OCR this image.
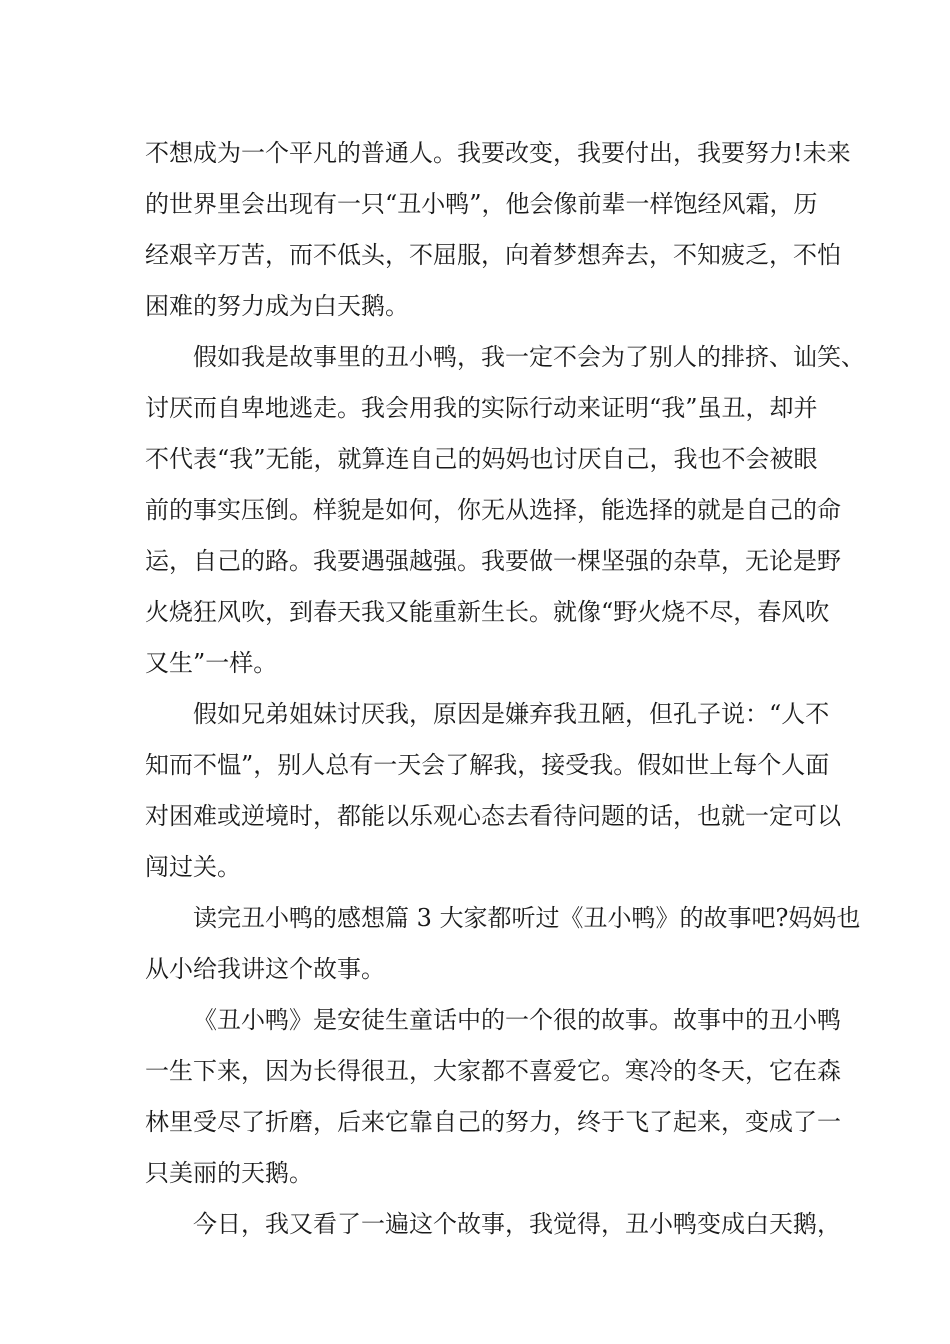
不想成为一个平凡的普通人。我要改变，我要付出，我要努力!未来
的世界里会出现有一只“丑小鸭”，他会像前辈一样饱经风霜，历
经艰辛万苦，而不低头，不屈服，向着梦想奔去，不知疲乏，不怕
困难的努力成为白天鹅。
假如我是故事里的丑小鸭，我一定不会为了别人的排挤、讪笑、
讨厌而自卑地逃走。我会用我的实际行动来证明“我”虽丑，却并
不代表“我”无能，就算连自己的妈妈也讨厌自己，我也不会被眼
前的事实压倒。样貌是如何，你无从选择，能选择的就是自己的命
运，自己的路。我要遇强越强。我要做一棵坚强的杂草，无论是野
火烧狂风吹，到春天我又能重新生长。就像“野火烧不尽，春风吹
又生”一样。
假如兄弟姐妹讨厌我，原因是嫌弃我丑陋，但孔子说：“人不
知而不愠”，别人总有一天会了解我，接受我。假如世上每个人面
对困难或逆境时，都能以乐观心态去看待问题的话，也就一定可以
闯过关。
读完丑小鸭的感想篇 3 大家都听过《丑小鸭》的故事吧?妈妈也
从小给我讲这个故事。
《丑小鸭》是安徒生童话中的一个很的故事。故事中的丑小鸭
一生下来，因为长得很丑，大家都不喜爱它。寒冷的冬天，它在森
林里受尽了折磨，后来它靠自己的努力，终于飞了起来，变成了一
只美丽的天鹅。
今日，我又看了一遍这个故事，我觉得，丑小鸭变成白天鹅，
